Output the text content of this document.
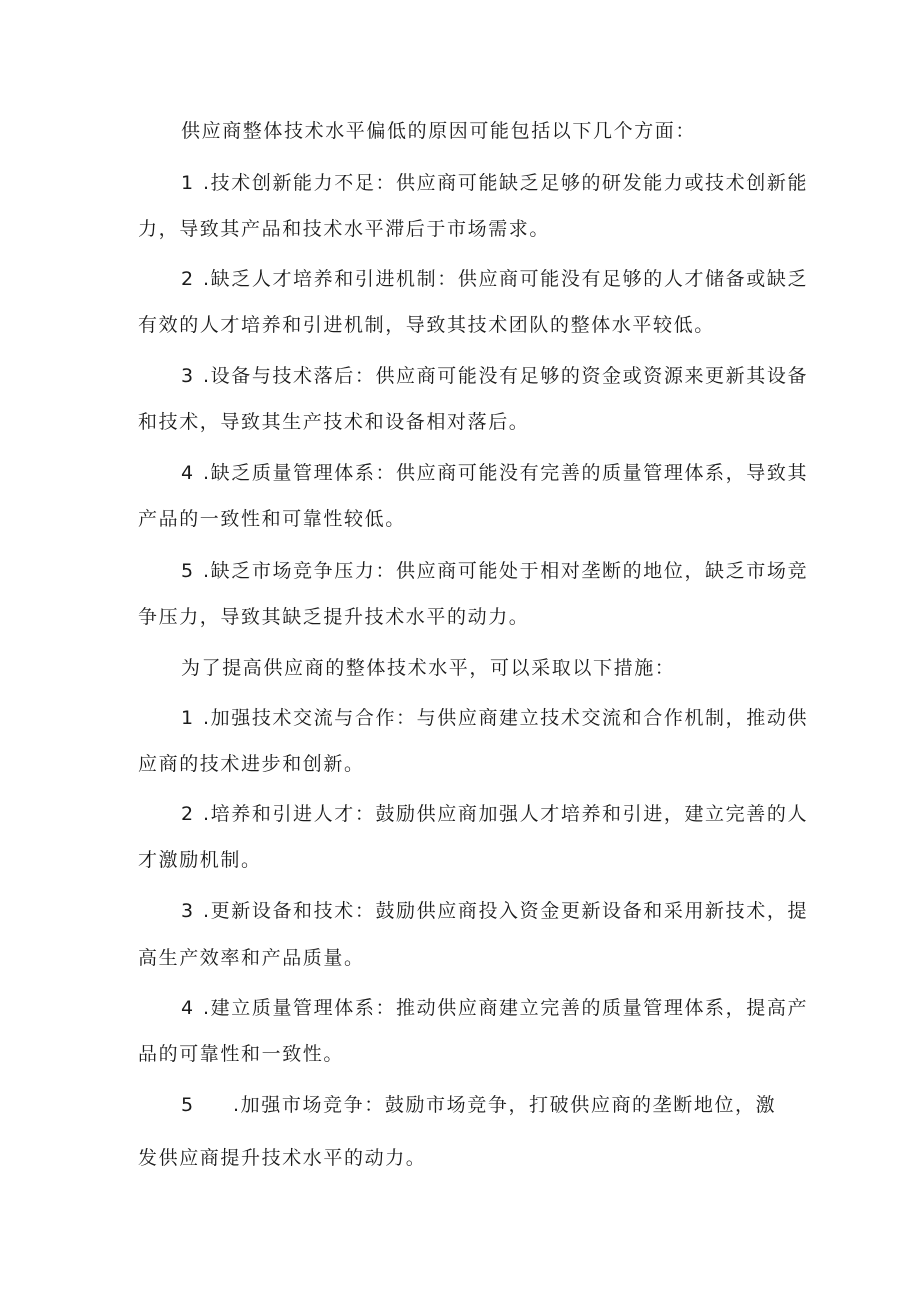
供应商整体技术水平偏低的原因可能包括以下几个方面：
1 .技术创新能力不足：供应商可能缺乏足够的研发能力或技术创新能
力，导致其产品和技术水平滞后于市场需求。
2 .缺乏人才培养和引进机制：供应商可能没有足够的人才储备或缺乏
有效的人才培养和引进机制，导致其技术团队的整体水平较低。
3 .设备与技术落后：供应商可能没有足够的资金或资源来更新其设备
和技术，导致其生产技术和设备相对落后。
4 .缺乏质量管理体系：供应商可能没有完善的质量管理体系，导致其
产品的一致性和可靠性较低。
5 .缺乏市场竞争压力：供应商可能处于相对垄断的地位，缺乏市场竞
争压力，导致其缺乏提升技术水平的动力。
为了提高供应商的整体技术水平，可以采取以下措施：
1 .加强技术交流与合作：与供应商建立技术交流和合作机制，推动供
应商的技术进步和创新。
2 .培养和引进人才：鼓励供应商加强人才培养和引进，建立完善的人
才激励机制。
3 .更新设备和技术：鼓励供应商投入资金更新设备和采用新技术，提
高生产效率和产品质量。
4 .建立质量管理体系：推动供应商建立完善的质量管理体系，提高产
品的可靠性和一致性。
5 .加强市场竞争：鼓励市场竞争，打破供应商的垄断地位，激
发供应商提升技术水平的动力。
